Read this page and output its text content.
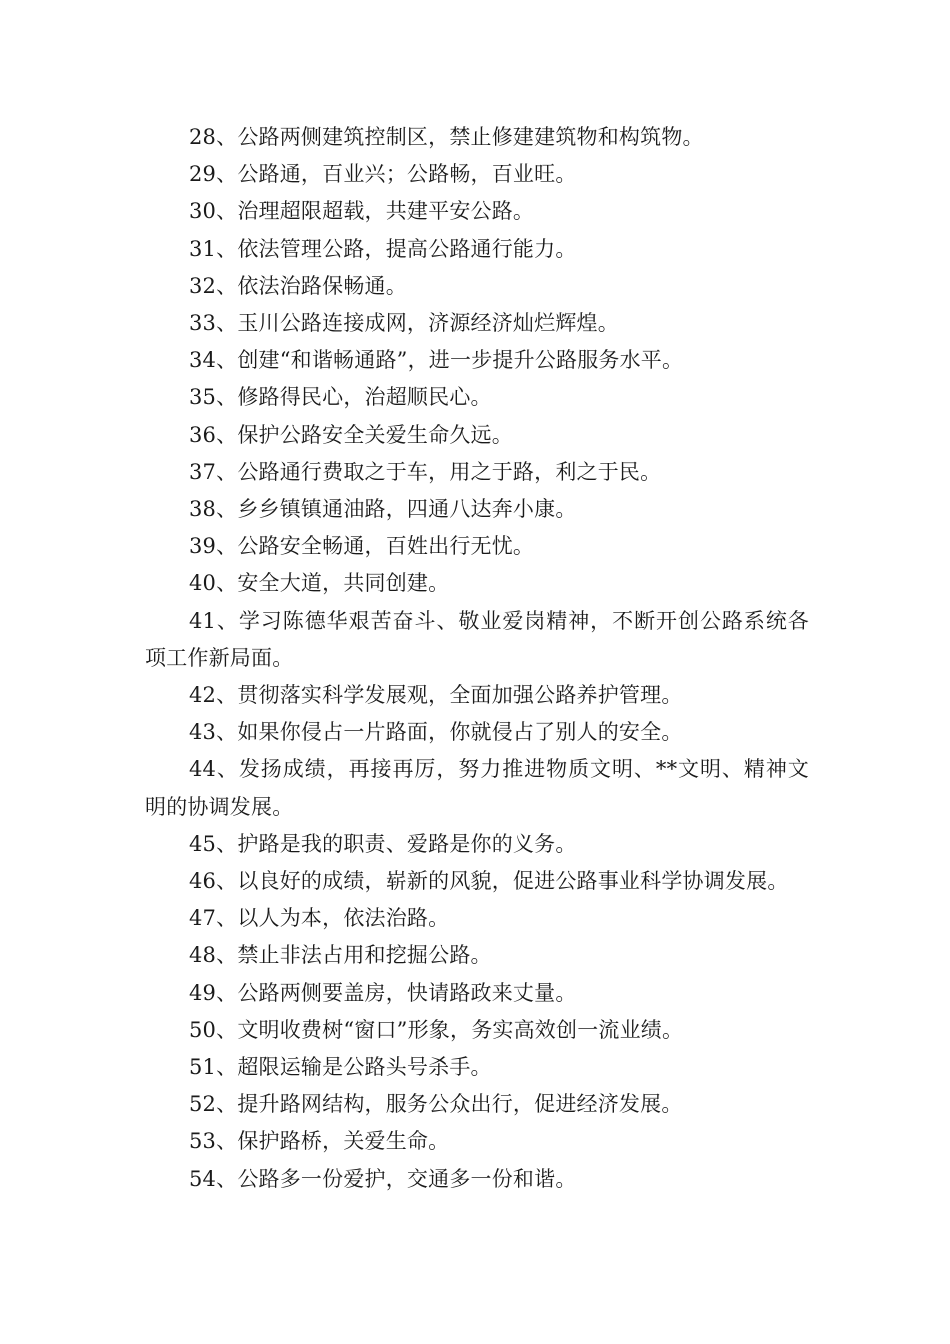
28、公路两侧建筑控制区，禁止修建建筑物和构筑物。

29、公路通，百业兴；公路畅，百业旺。

30、治理超限超载，共建平安公路。

31、依法管理公路，提高公路通行能力。

32、依法治路保畅通。

33、玉川公路连接成网，济源经济灿烂辉煌。

34、创建“和谐畅通路”，进一步提升公路服务水平。

35、修路得民心，治超顺民心。

36、保护公路安全关爱生命久远。

37、公路通行费取之于车，用之于路，利之于民。

38、乡乡镇镇通油路，四通八达奔小康。

39、公路安全畅通，百姓出行无忧。

40、安全大道，共同创建。

41、学习陈德华艰苦奋斗、敬业爱岗精神，不断开创公路系统各项工作新局面。

42、贯彻落实科学发展观，全面加强公路养护管理。

43、如果你侵占一片路面，你就侵占了别人的安全。

44、发扬成绩，再接再厉，努力推进物质文明、**文明、精神文明的协调发展。

45、护路是我的职责、爱路是你的义务。

46、以良好的成绩，崭新的风貌，促进公路事业科学协调发展。

47、以人为本，依法治路。

48、禁止非法占用和挖掘公路。

49、公路两侧要盖房，快请路政来丈量。

50、文明收费树“窗口”形象，务实高效创一流业绩。

51、超限运输是公路头号杀手。

52、提升路网结构，服务公众出行，促进经济发展。

53、保护路桥，关爱生命。

54、公路多一份爱护，交通多一份和谐。
